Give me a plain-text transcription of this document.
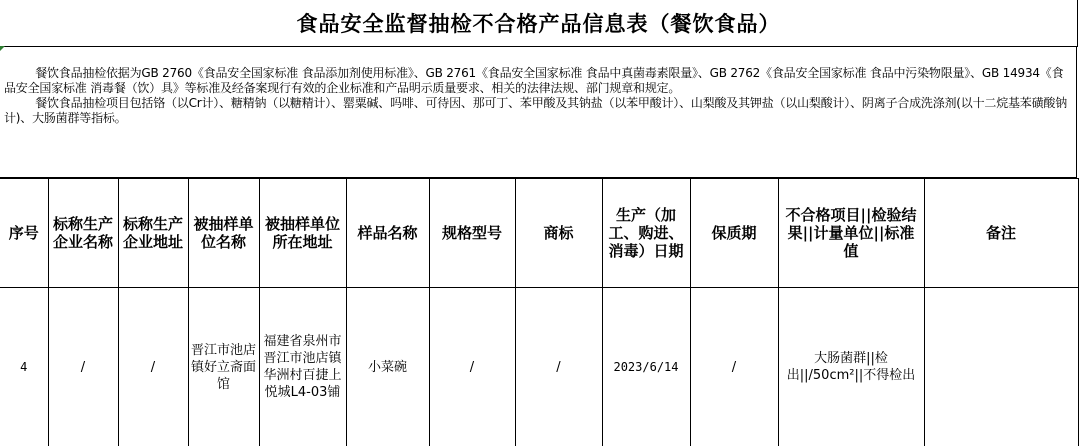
食品安全监督抽检不合格产品信息表（餐饮食品）

餐饮食品抽检依据为GB 2760《食品安全国家标准 食品添加剂使用标准》、GB 2761《食品安全国家标准 食品中真菌毒素限量》、GB 2762《食品安全国家标准 食品中污染物限量》、GB 14934《食品安全国家标准 消毒餐（饮）具》等标准及经备案现行有效的企业标准和产品明示质量要求、相关的法律法规、部门规章和规定。

餐饮食品抽检项目包括铬（以Cr计）、糖精钠（以糖精计）、罂粟碱、吗啡、可待因、那可丁、苯甲酸及其钠盐（以苯甲酸计）、山梨酸及其钾盐（以山梨酸计）、阴离子合成洗涤剂(以十二烷基苯磺酸钠计)、大肠菌群等指标。

序号	标称生产企业名称	标称生产企业地址	被抽样单位名称	被抽样单位所在地址	样品名称	规格型号	商标	生产（加工、购进、消毒）日期	保质期	不合格项目||检验结果||计量单位||标准值	备注
4	/	/	晋江市池店镇好立斋面馆	福建省泉州市晋江市池店镇华洲村百捷上悦城L4-03铺	小菜碗	/	/	2023/6/14	/	大肠菌群||检出||/50cm²||不得检出	
